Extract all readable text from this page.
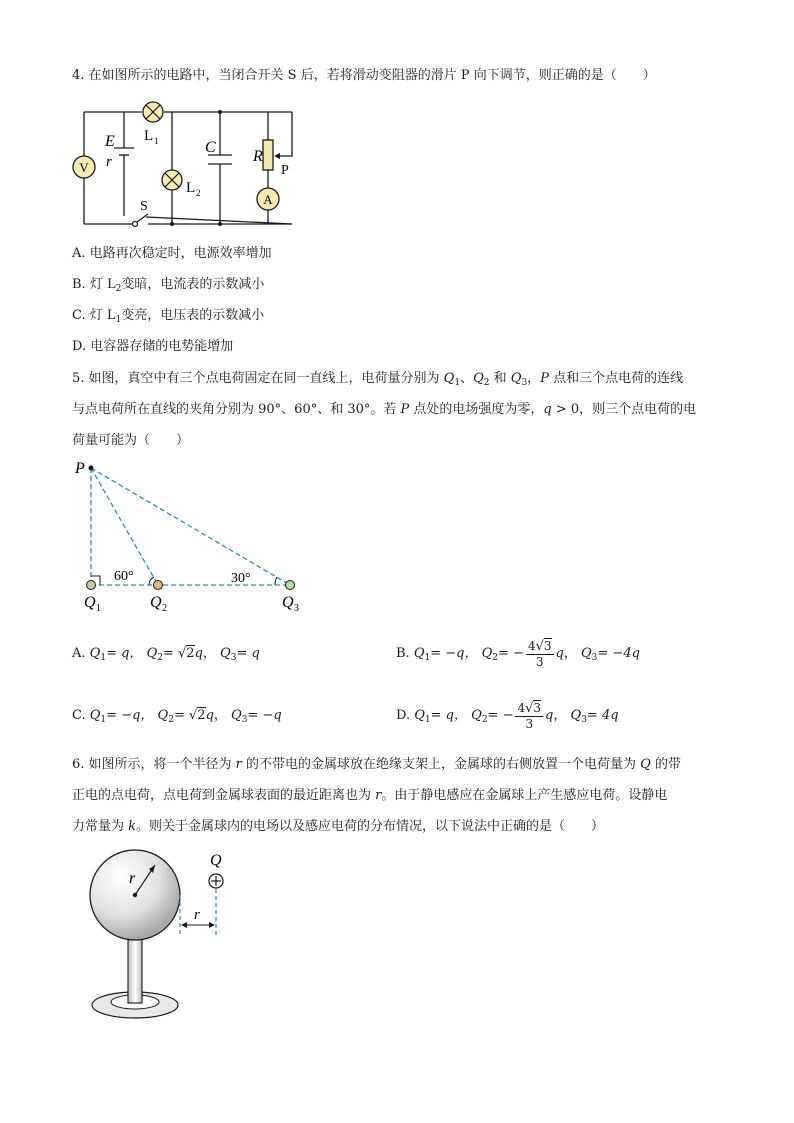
4. 在如图所示的电路中，当闭合开关 S 后，若将滑动变阻器的滑片 P 向下调节，则正确的是（　　）
V
A
E
r
L 1	C
R
P
L 2
S
A. 电路再次稳定时，电源效率增加
B. 灯 $L_2$变暗，电流表的示数减小
C. 灯 $L_1$变亮，电压表的示数减小
D. 电容器存储的电势能增加
5. 如图，真空中有三个点电荷固定在同一直线上，电荷量分别为 $Q_1$、$Q_2$ 和 $Q_3$，P 点和三个点电荷的连线
与点电荷所在直线的夹角分别为 90°、60°、和 30°。若 P 点处的电场强度为零，q > 0，则三个点电荷的电
荷量可能为（　　）
P
60°	30°
Q 1	Q 2	Q 3
A. $Q_1= q$， $Q_2= √2q$， $Q_3= q$	B. $Q_1= -q$， $Q_2= - \frac{4√3}{3}$ q， $Q_3= -4q$
C. $Q_1= -q$， $Q_2= √2q$， $Q_3= -q$	D. $Q_1= q$， $Q_2= - \frac{4√3}{3}$ q， $Q_3= 4q$
6. 如图所示，将一个半径为 r 的不带电的金属球放在绝缘支架上，金属球的右侧放置一个电荷量为 Q 的带
正电的点电荷，点电荷到金属球表面的最近距离也为 r。由于静电感应在金属球上产生感应电荷。设静电
力常量为 k。则关于金属球内的电场以及感应电荷的分布情况，以下说法中正确的是（　　）
r
Q
r
